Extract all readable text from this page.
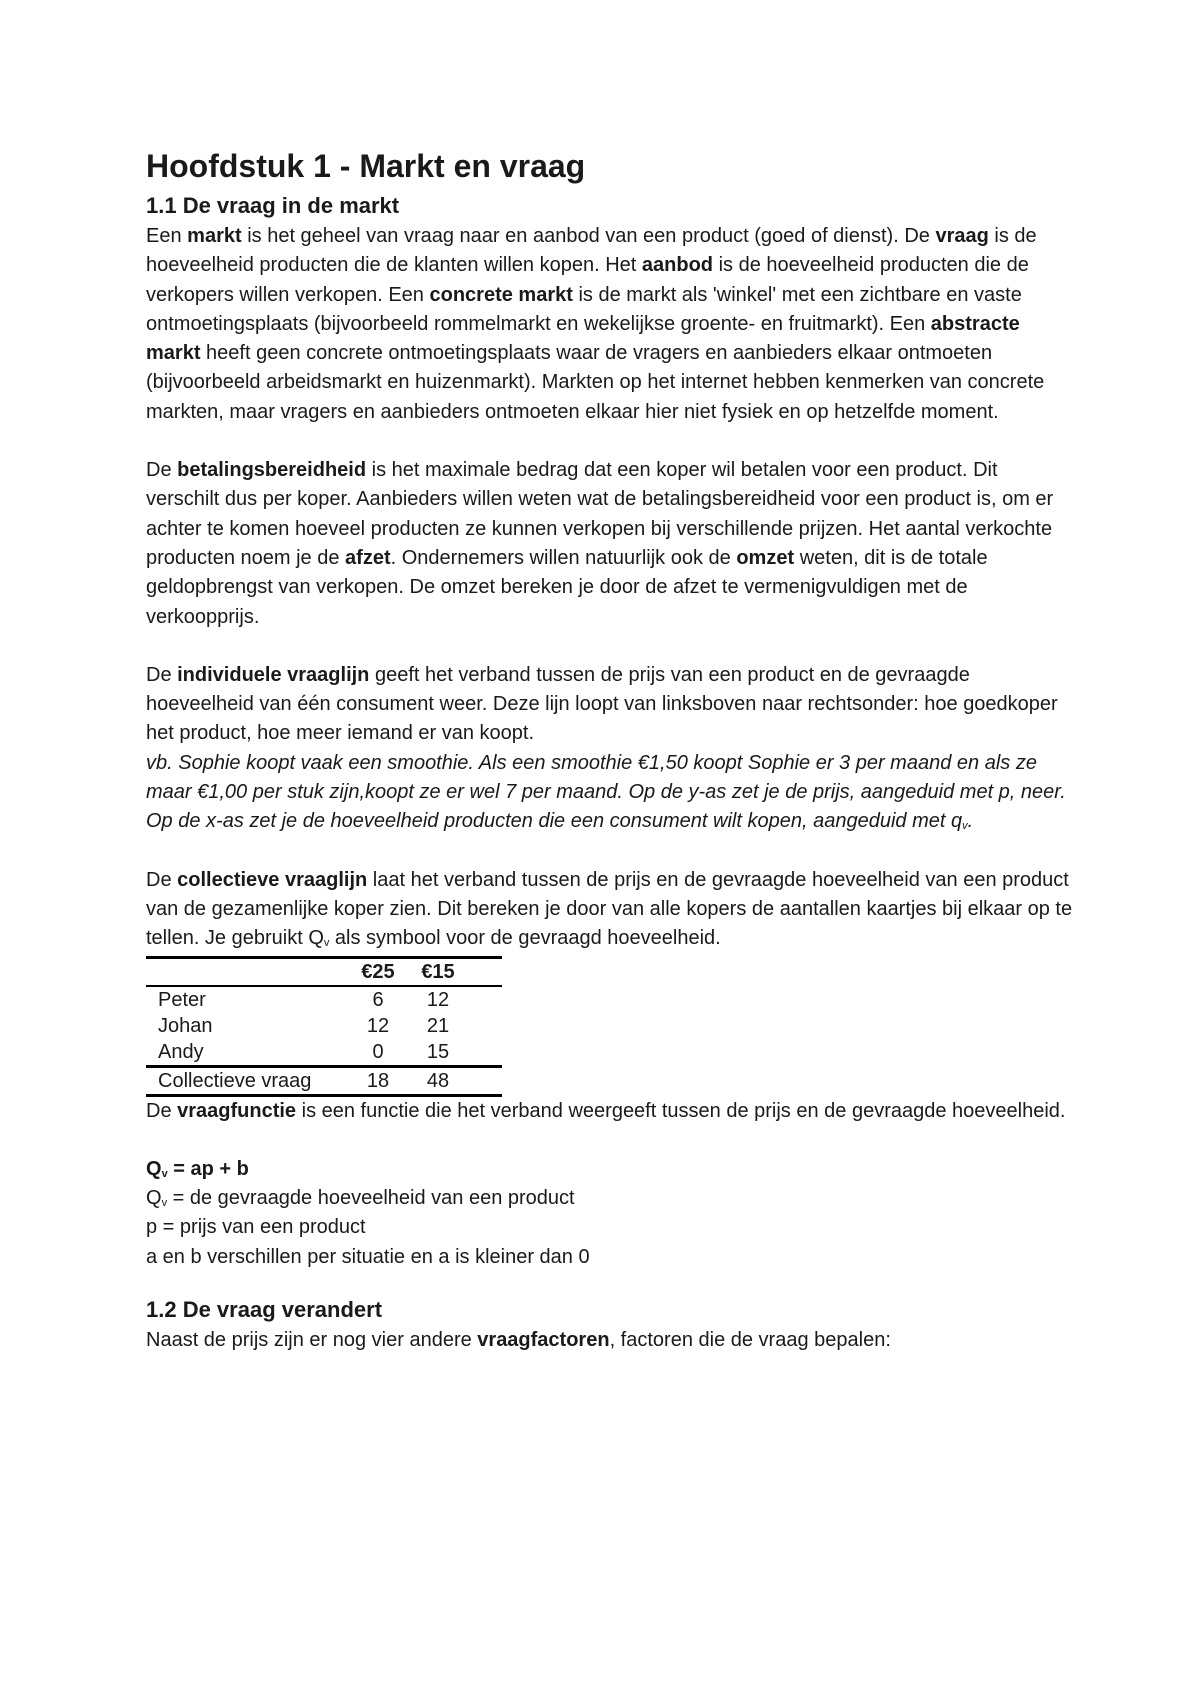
Hoofdstuk 1 - Markt en vraag
1.1 De vraag in de markt

Een markt is het geheel van vraag naar en aanbod van een product (goed of dienst). De vraag is de hoeveelheid producten die de klanten willen kopen. Het aanbod is de hoeveelheid producten die de verkopers willen verkopen. Een concrete markt is de markt als 'winkel' met een zichtbare en vaste ontmoetingsplaats (bijvoorbeeld rommelmarkt en wekelijkse groente- en fruitmarkt). Een abstracte markt heeft geen concrete ontmoetingsplaats waar de vragers en aanbieders elkaar ontmoeten (bijvoorbeeld arbeidsmarkt en huizenmarkt). Markten op het internet hebben kenmerken van concrete markten, maar vragers en aanbieders ontmoeten elkaar hier niet fysiek en op hetzelfde moment.

De betalingsbereidheid is het maximale bedrag dat een koper wil betalen voor een product. Dit verschilt dus per koper. Aanbieders willen weten wat de betalingsbereidheid voor een product is, om er achter te komen hoeveel producten ze kunnen verkopen bij verschillende prijzen. Het aantal verkochte producten noem je de afzet. Ondernemers willen natuurlijk ook de omzet weten, dit is de totale geldopbrengst van verkopen. De omzet bereken je door de afzet te vermenigvuldigen met de verkoopprijs.

De individuele vraaglijn geeft het verband tussen de prijs van een product en de gevraagde hoeveelheid van één consument weer. Deze lijn loopt van linksboven naar rechtsonder: hoe goedkoper het product, hoe meer iemand er van koopt.
vb. Sophie koopt vaak een smoothie. Als een smoothie €1,50 koopt Sophie er 3 per maand en als ze maar €1,00 per stuk zijn,koopt ze er wel 7 per maand. Op de y-as zet je de prijs, aangeduid met p, neer. Op de x-as zet je de hoeveelheid producten die een consument wilt kopen, aangeduid met $q_v$.

De collectieve vraaglijn laat het verband tussen de prijs en de gevraagde hoeveelheid van een product van de gezamenlijke koper zien. Dit bereken je door van alle kopers de aantallen kaartjes bij elkaar op te tellen. Je gebruikt $Q_v$ als symbool voor de gevraagd hoeveelheid.

	€25	€15	
Peter	6	12	
Johan	12	21	
Andy	0	15	
Collectieve vraag	18	48	

De vraagfunctie is een functie die het verband weergeeft tussen de prijs en de gevraagde hoeveelheid.

$Q_v$ = ap + b

$Q_v$ = de gevraagde hoeveelheid van een product

p = prijs van een product

a en b verschillen per situatie en a is kleiner dan 0

1.2 De vraag verandert

Naast de prijs zijn er nog vier andere vraagfactoren, factoren die de vraag bepalen:
